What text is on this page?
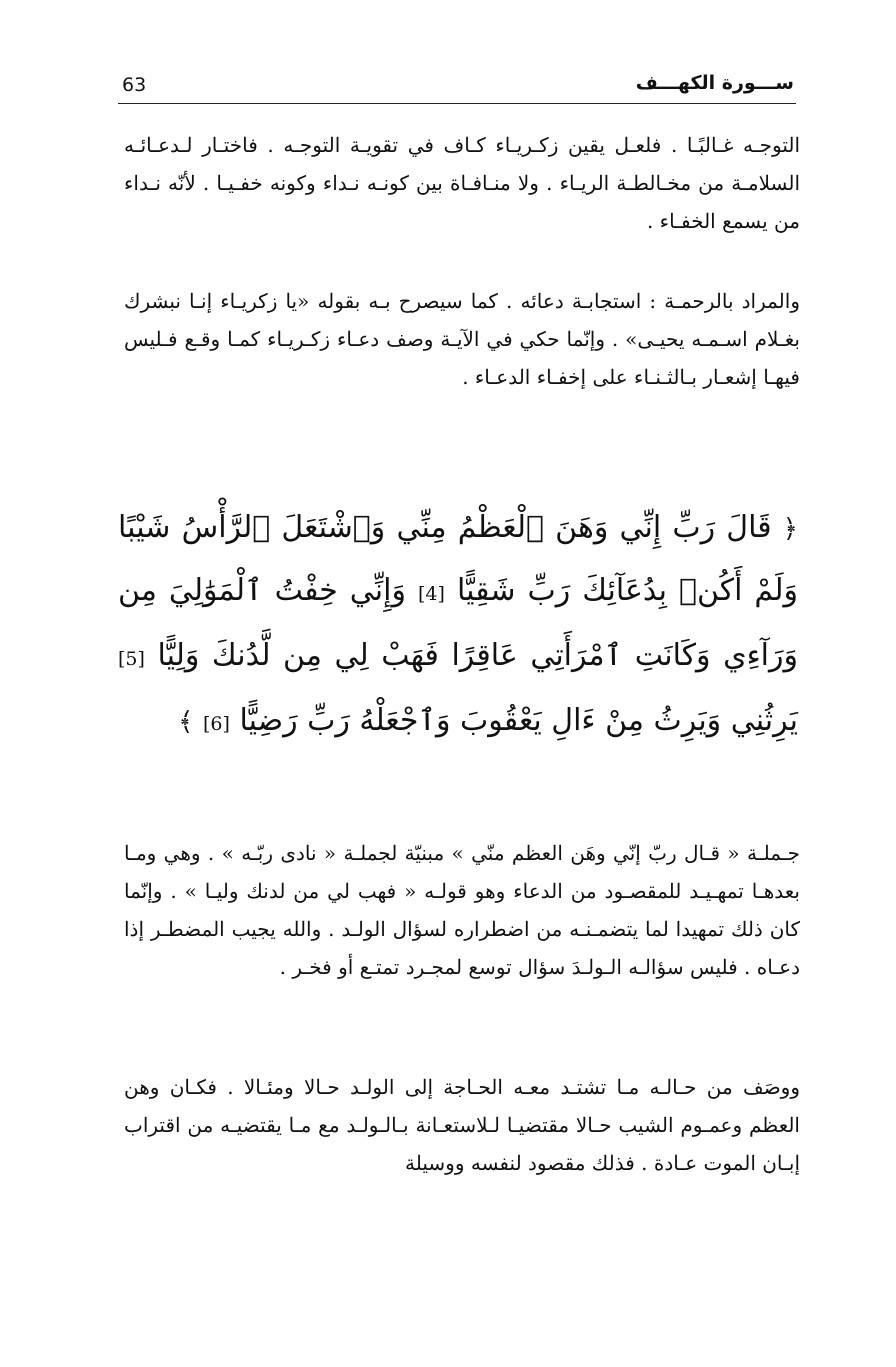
63	ســـورة الكهـــف
التوجـه غـالبًـا . فلعـل يقين زكـريـاء كـاف في تقويـة التوجـه . فاختـار لـدعـائـه السلامـة من مخـالطـة الريـاء . ولا منـافـاة بين كونـه نـداء وكونه خفـيـا . لأنّه نـداء من يسمع الخفـاء .
والمراد بالرحمـة : استجابـة دعائه . كما سيصرح بـه بقوله «يا زكريـاء إنـا نبشرك بغـلام اسـمـه يحيـى» . وإنّما حكي في الآيـة وصف دعـاء زكـريـاء كمـا وقـع فـليس فيهـا إشعـار بـالثـنـاء على إخفـاء الدعـاء .
﴿ قَالَ رَبِّ إِنِّي وَهَنَ ٱلْعَظْمُ مِنِّي وَٱشْتَعَلَ ٱلرَّأْسُ شَيْبًا وَلَمْ أَكُنۢ بِدُعَآئِكَ رَبِّ شَقِيًّا [4] وَإِنِّي خِفْتُ ٱلْمَوَٰلِيَ مِن وَرَآءِي وَكَانَتِ ٱمْرَأَتِي عَاقِرًا فَهَبْ لِي مِن لَّدُنكَ وَلِيًّا [5] يَرِثُنِي وَيَرِثُ مِنْ ءَالِ يَعْقُوبَ وَٱجْعَلْهُ رَبِّ رَضِيًّا [6] ﴾
جـملـة « قـال ربّ إنّي وهَن العظم منّي » مبنيّة لجملـة « نادى ربّـه » . وهي ومـا بعدهـا تمهـيـد للمقصـود من الدعاء وهو قولـه « فهب لي من لدنك وليـا » . وإنّما كان ذلك تمهيدا لما يتضمـنـه من اضطراره لسؤال الولـد . والله يجيب المضطـر إذا دعـاه . فليس سؤالـه الـولـدَ سؤال توسع لمجـرد تمتـع أو فخـر .
ووصَف من حـالـه مـا تشتـد معـه الحـاجة إلى الولـد حـالا ومئـالا . فكـان وهن العظم وعمـوم الشيب حـالا مقتضيـا لـلاستعـانة بـالـولـد مع مـا يقتضيـه من اقتراب إبـان الموت عـادة . فذلك مقصود لنفسه ووسيلة
